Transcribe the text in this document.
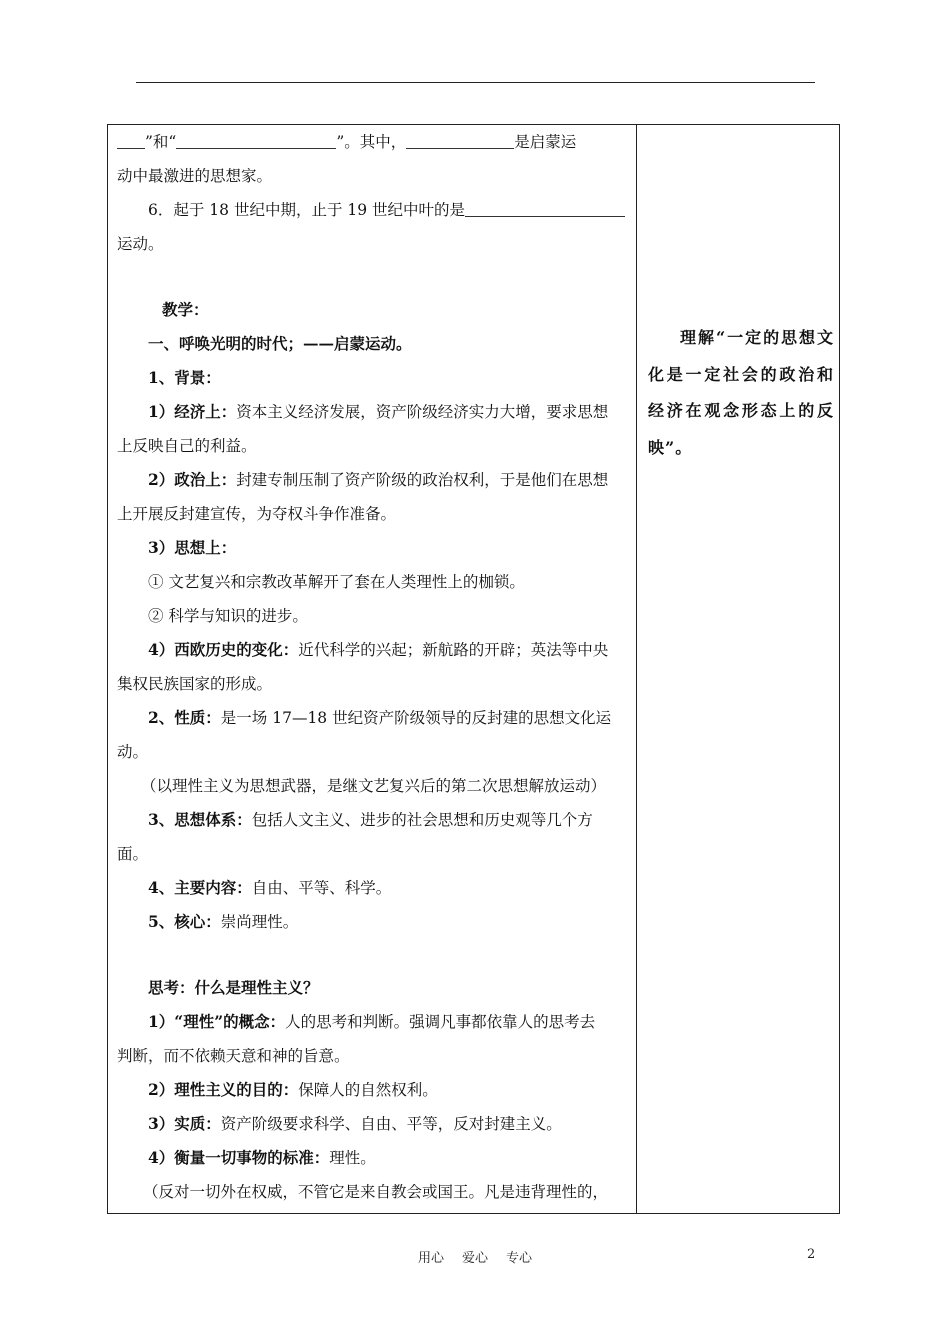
”和“	”。其中，	是启蒙运
动中最激进的思想家。
6．起于 18 世纪中期，止于 19 世纪中叶的是
运动。
教学：
一、呼唤光明的时代；——启蒙运动。
1、背景：
1）经济上：资本主义经济发展，资产阶级经济实力大增，要求思想
上反映自己的利益。
2）政治上：封建专制压制了资产阶级的政治权利，于是他们在思想
上开展反封建宣传，为夺权斗争作准备。
3）思想上：
① 文艺复兴和宗教改革解开了套在人类理性上的枷锁。
② 科学与知识的进步。
4）西欧历史的变化：近代科学的兴起；新航路的开辟；英法等中央
集权民族国家的形成。
2、性质：是一场 17—18 世纪资产阶级领导的反封建的思想文化运
动。
（以理性主义为思想武器，是继文艺复兴后的第二次思想解放运动）
3、思想体系：包括人文主义、进步的社会思想和历史观等几个方
面。
4、主要内容：自由、平等、科学。
5、核心：崇尚理性。
思考：什么是理性主义？
1）“理性”的概念：人的思考和判断。强调凡事都依靠人的思考去
判断，而不依赖天意和神的旨意。
2）理性主义的目的：保障人的自然权利。
3）实质：资产阶级要求科学、自由、平等，反对封建主义。
4）衡量一切事物的标准：理性。
（反对一切外在权威，不管它是来自教会或国王。凡是违背理性的，
理解“一定的思想文化是一定社会的政治和经济在观念形态上的反映”。
用心 爱心 专心	2
